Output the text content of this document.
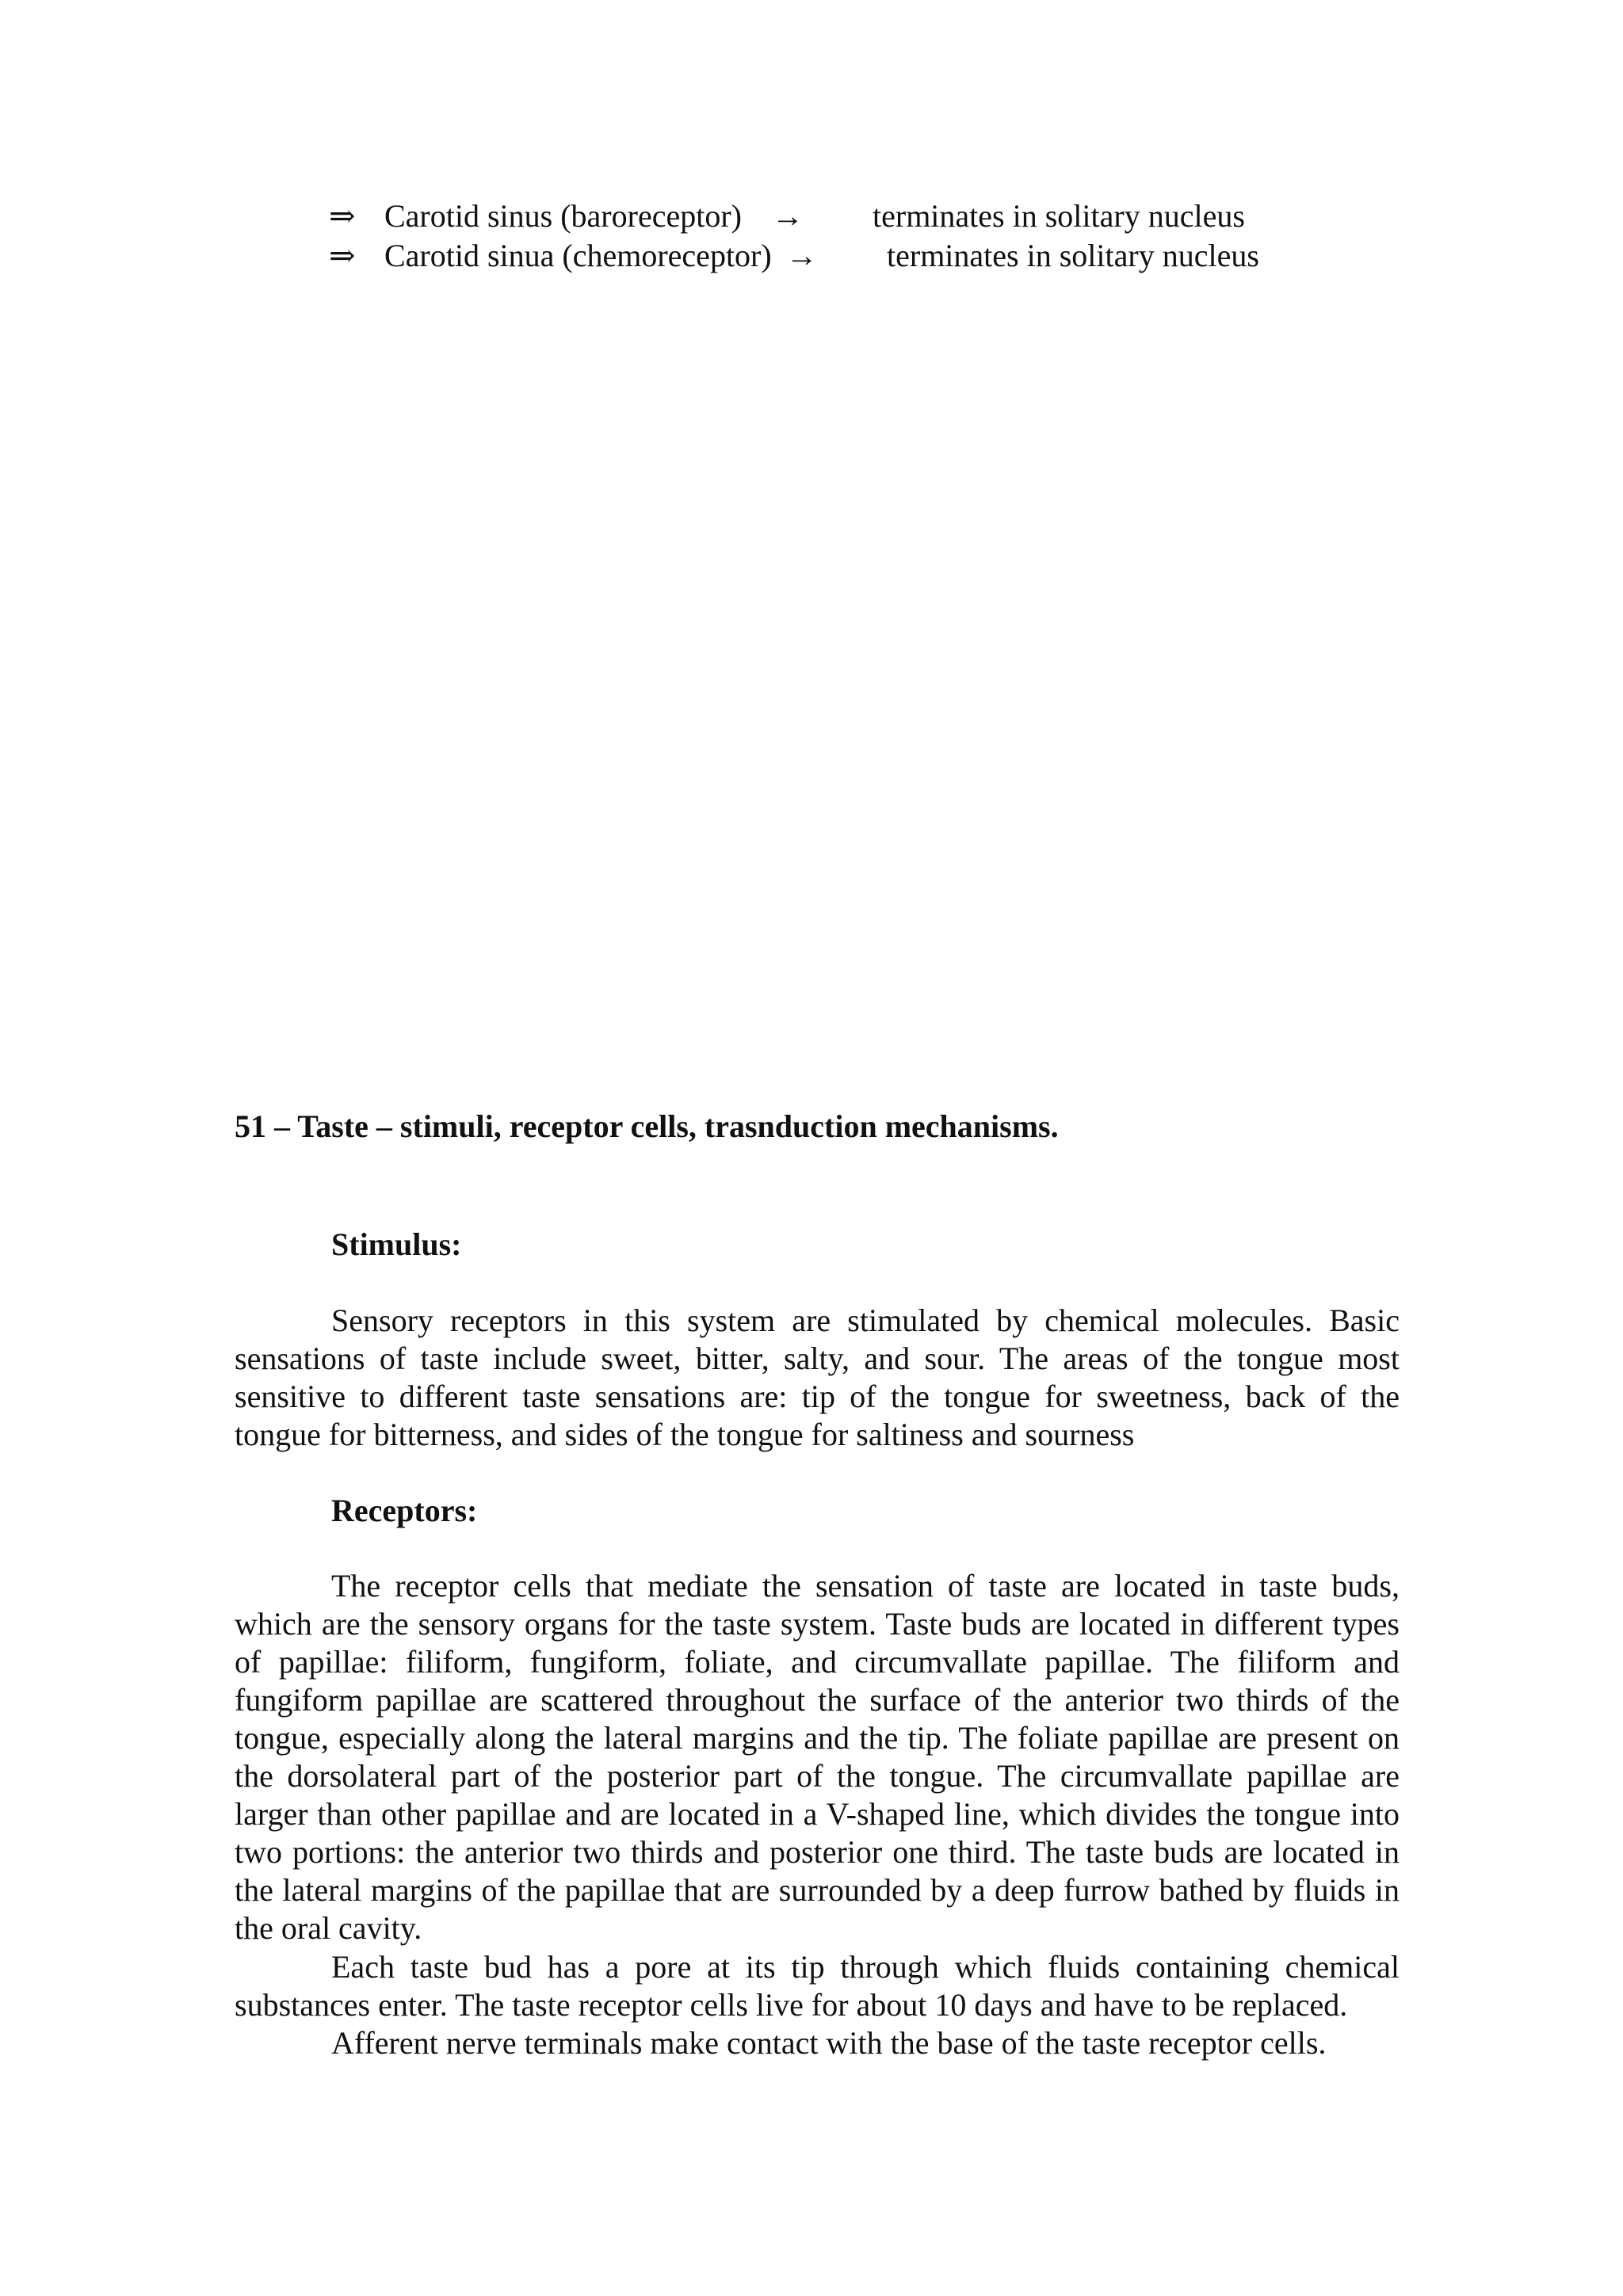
⇒ Carotid sinus (baroreceptor) → terminates in solitary nucleus
⇒ Carotid sinua (chemoreceptor) → terminates in solitary nucleus
51 – Taste – stimuli, receptor cells, trasnduction mechanisms.
Stimulus:

Sensory receptors in this system are stimulated by chemical molecules. Basic sensations of taste include sweet, bitter, salty, and sour. The areas of the tongue most sensitive to different taste sensations are: tip of the tongue for sweetness, back of the tongue for bitterness, and sides of the tongue for saltiness and sourness

Receptors:

The receptor cells that mediate the sensation of taste are located in taste buds, which are the sensory organs for the taste system. Taste buds are located in different types of papillae: filiform, fungiform, foliate, and circumvallate papillae. The filiform and fungiform papillae are scattered throughout the surface of the anterior two thirds of the tongue, especially along the lateral margins and the tip. The foliate papillae are present on the dorsolateral part of the posterior part of the tongue. The circumvallate papillae are larger than other papillae and are located in a V-shaped line, which divides the tongue into two portions: the anterior two thirds and posterior one third. The taste buds are located in the lateral margins of the papillae that are surrounded by a deep furrow bathed by fluids in the oral cavity.

Each taste bud has a pore at its tip through which fluids containing chemical substances enter. The taste receptor cells live for about 10 days and have to be replaced.

Afferent nerve terminals make contact with the base of the taste receptor cells.
